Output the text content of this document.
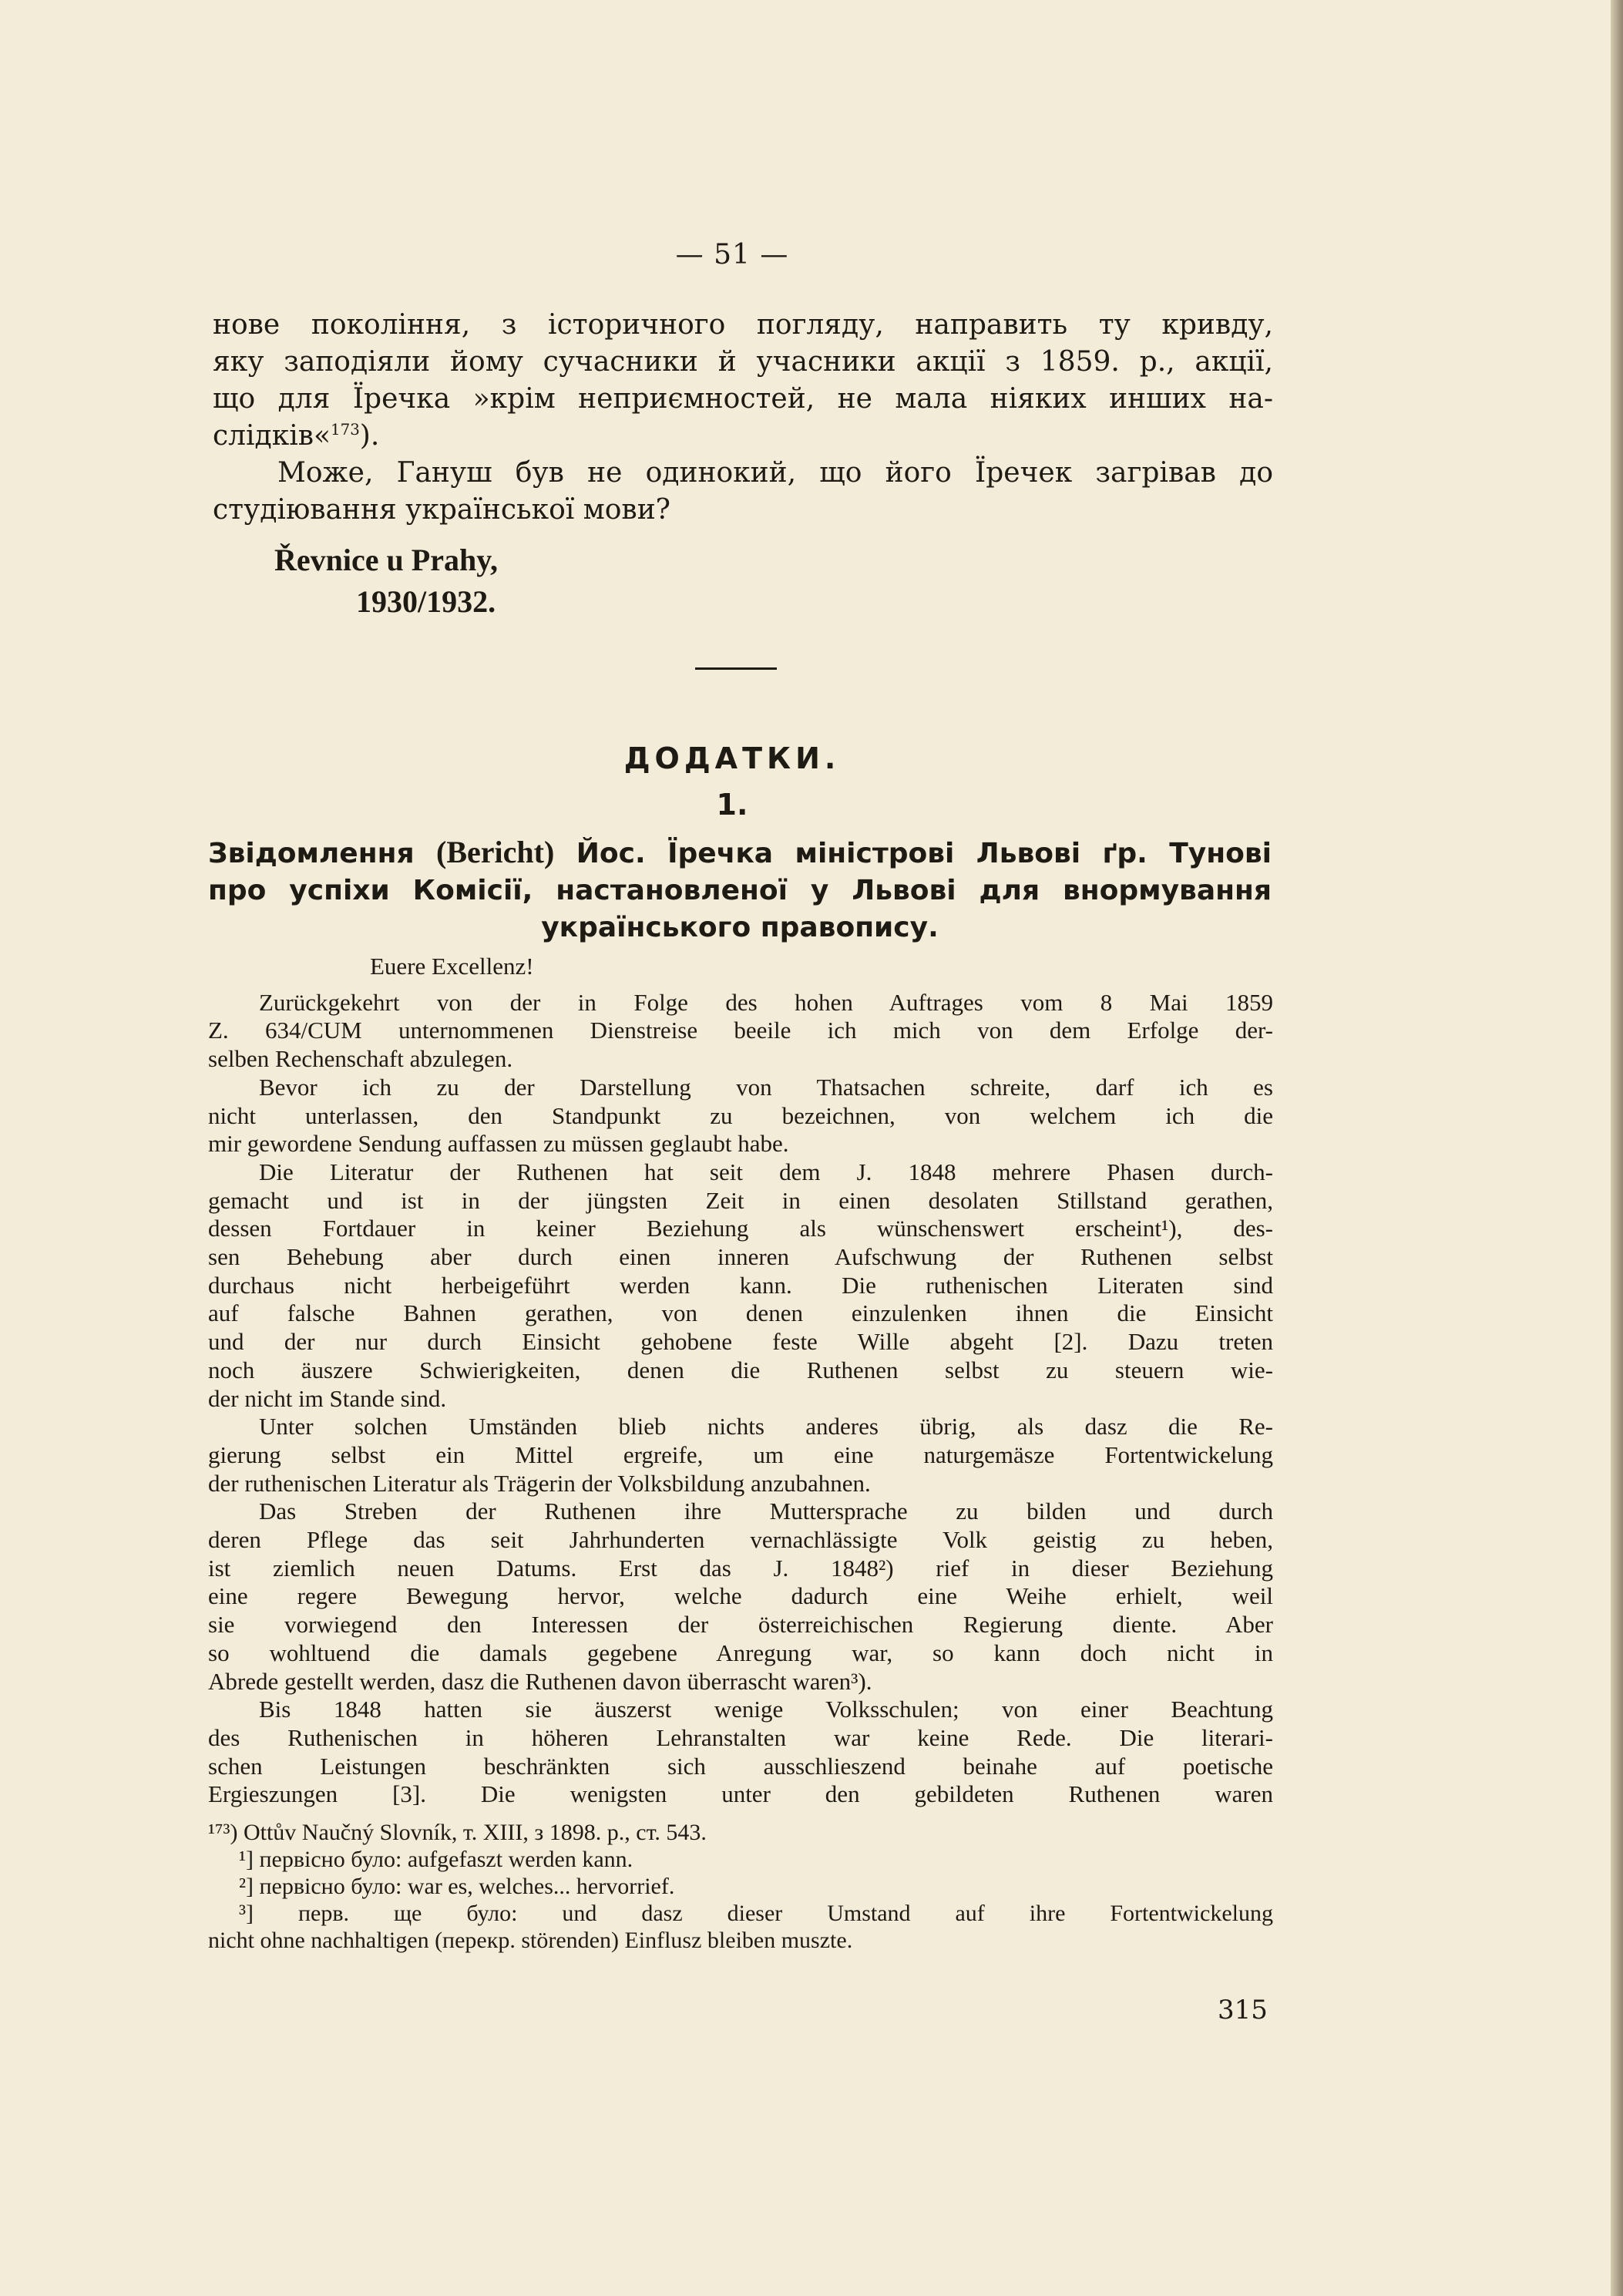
— 51 —
нове покоління, з історичного погляду, направить ту кривду,
яку заподіяли йому сучасники й учасники акції з 1859. р., акції,
що для Їречка »крім неприємностей, не мала ніяких инших на-
слідків«$^{173}$).
Може, Гануш був не одинокий, що його Їречек загрівав до
студіювання української мови?
Řevnice u Prahy,
1930/1932.
ДОДАТКИ.
1.
Звідомлення (Bericht) Йос. Їречка міністрові Львові ґр. Тунові
про успіхи Комісії, настановленої у Львові для внормування
українського правопису.
Euere Excellenz!
Zurückgekehrt von der in Folge des hohen Auftrages vom 8 Mai 1859
Z. 634/CUM unternommenen Dienstreise beeile ich mich von dem Erfolge der-
selben Rechenschaft abzulegen.
Bevor ich zu der Darstellung von Thatsachen schreite, darf ich es
nicht unterlassen, den Standpunkt zu bezeichnen, von welchem ich die
mir gewordene Sendung auffassen zu müssen geglaubt habe.
Die Literatur der Ruthenen hat seit dem J. 1848 mehrere Phasen durch-
gemacht und ist in der jüngsten Zeit in einen desolaten Stillstand gerathen,
dessen Fortdauer in keiner Beziehung als wünschenswert erscheint¹), des-
sen Behebung aber durch einen inneren Aufschwung der Ruthenen selbst
durchaus nicht herbeigeführt werden kann. Die ruthenischen Literaten sind
auf falsche Bahnen gerathen, von denen einzulenken ihnen die Einsicht
und der nur durch Einsicht gehobene feste Wille abgeht [2]. Dazu treten
noch äuszere Schwierigkeiten, denen die Ruthenen selbst zu steuern wie-
der nicht im Stande sind.
Unter solchen Umständen blieb nichts anderes übrig, als dasz die Re-
gierung selbst ein Mittel ergreife, um eine naturgemäsze Fortentwickelung
der ruthenischen Literatur als Trägerin der Volksbildung anzubahnen.
Das Streben der Ruthenen ihre Muttersprache zu bilden und durch
deren Pflege das seit Jahrhunderten vernachlässigte Volk geistig zu heben,
ist ziemlich neuen Datums. Erst das J. 1848²) rief in dieser Beziehung
eine regere Bewegung hervor, welche dadurch eine Weihe erhielt, weil
sie vorwiegend den Interessen der österreichischen Regierung diente. Aber
so wohltuend die damals gegebene Anregung war, so kann doch nicht in
Abrede gestellt werden, dasz die Ruthenen davon überrascht waren³).
Bis 1848 hatten sie äuszerst wenige Volksschulen; von einer Beachtung
des Ruthenischen in höheren Lehranstalten war keine Rede. Die literari-
schen Leistungen beschränkten sich ausschlieszend beinahe auf poetische
Ergieszungen [3]. Die wenigsten unter den gebildeten Ruthenen waren
¹⁷³) Ottův Naučný Slovník, т. XIII, з 1898. р., ст. 543.
¹] первісно було: aufgefaszt werden kann.
²] первісно було: war es, welches... hervorrief.
³] перв. ще було: und dasz dieser Umstand auf ihre Fortentwickelung
nicht ohne nachhaltigen (перекр. störenden) Einflusz bleiben muszte.
315
